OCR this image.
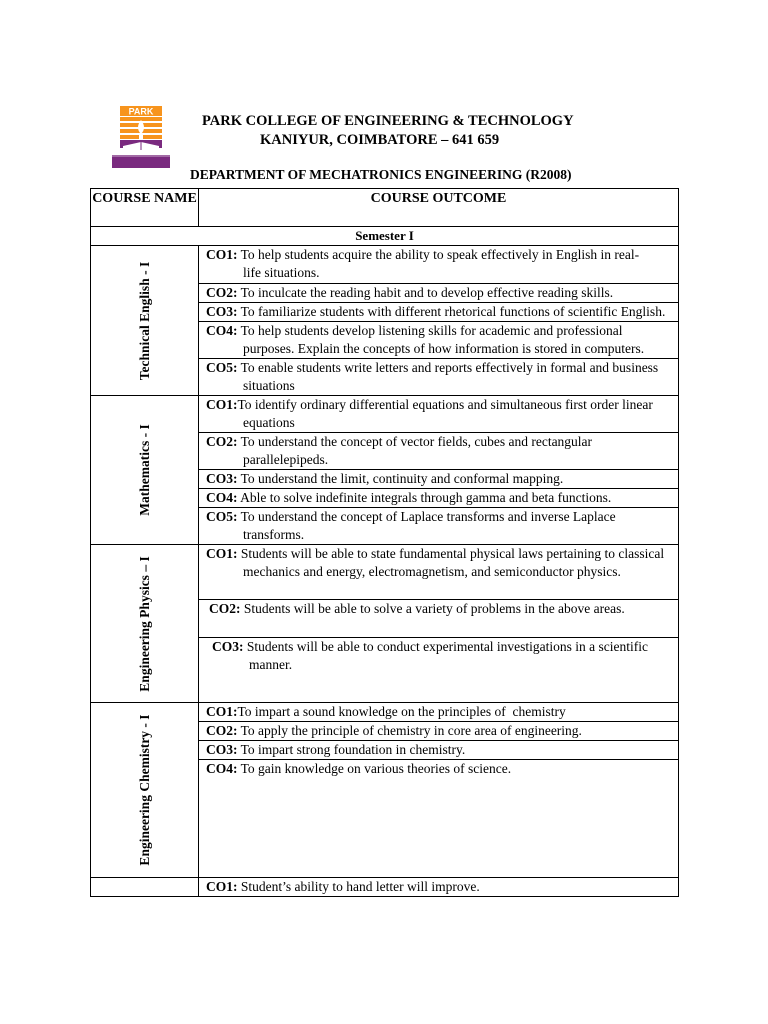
PARK
PARK COLLEGE OF ENGINEERING & TECHNOLOGY
KANIYUR, COIMBATORE – 641 659
DEPARTMENT OF MECHATRONICS ENGINEERING (R2008)
COURSE NAME	COURSE OUTCOME
Semester I	

Technical English - I	CO1: To help students acquire the ability to speak effectively in English in real-     life situations.
	CO2: To inculcate the reading habit and to develop effective reading skills.
	CO3: To familiarize students with different rhetorical functions of scientific English.
	CO4: To help students develop listening skills for academic and professional purposes. Explain the concepts of how information is stored in computers.
	CO5: To enable students write letters and reports effectively in formal and business situations

Mathematics - I	CO1:To identify ordinary differential equations and simultaneous first order linear equations
	CO2: To understand the concept of vector fields, cubes and rectangular parallelepipeds.
	CO3: To understand the limit, continuity and conformal mapping.
	CO4: Able to solve indefinite integrals through gamma and beta functions.
	CO5: To understand the concept of Laplace transforms and inverse Laplace transforms.

Engineering Physics – I	CO1: Students will be able to state fundamental physical laws pertaining to classical mechanics and energy, electromagnetism, and semiconductor physics.
	CO2: Students will be able to solve a variety of problems in the above areas.
	CO3: Students will be able to conduct experimental investigations in a scientific manner.

Engineering Chemistry - I	CO1:To impart a sound knowledge on the principles of  chemistry
	CO2: To apply the principle of chemistry in core area of engineering.
	CO3: To impart strong foundation in chemistry.
	CO4: To gain knowledge on various theories of science.

	CO1: Student’s ability to hand letter will improve.
